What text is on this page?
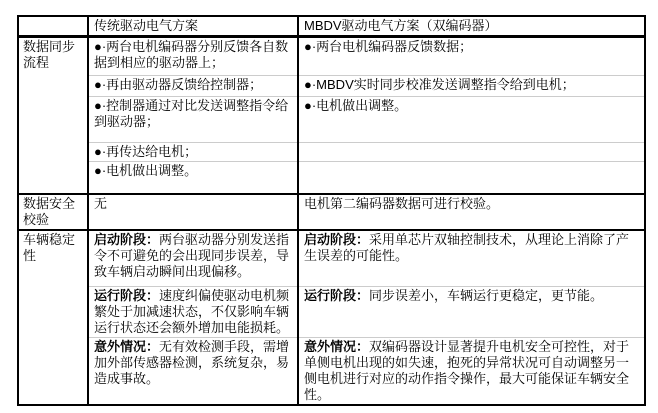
	传统驱动电气方案	MBDV驱动电气方案（双编码器）
数据同步流程	●·两台电机编码器分别反馈各自数据到相应的驱动器上；	●·两台电机编码器反馈数据；
	●·再由驱动器反馈给控制器；	●·MBDV实时同步校准发送调整指令给到电机；
	●·控制器通过对比发送调整指令给到驱动器；	●·电机做出调整。
	●·再传达给电机；	
	●·电机做出调整。	
数据安全校验	无	电机第二编码器数据可进行校验。
车辆稳定性	启动阶段：两台驱动器分别发送指令不可避免的会出现同步误差，导致车辆启动瞬间出现偏移。	启动阶段：采用单芯片双轴控制技术，从理论上消除了产生误差的可能性。
	运行阶段：速度纠偏使驱动电机频繁处于加减速状态，不仅影响车辆运行状态还会额外增加电能损耗。	运行阶段：同步误差小，车辆运行更稳定，更节能。
	意外情况：无有效检测手段，需增加外部传感器检测，系统复杂，易造成事故。	意外情况：双编码器设计显著提升电机安全可控性，对于单侧电机出现的如失速，抱死的异常状况可自动调整另一侧电机进行对应的动作指令操作，最大可能保证车辆安全性。
